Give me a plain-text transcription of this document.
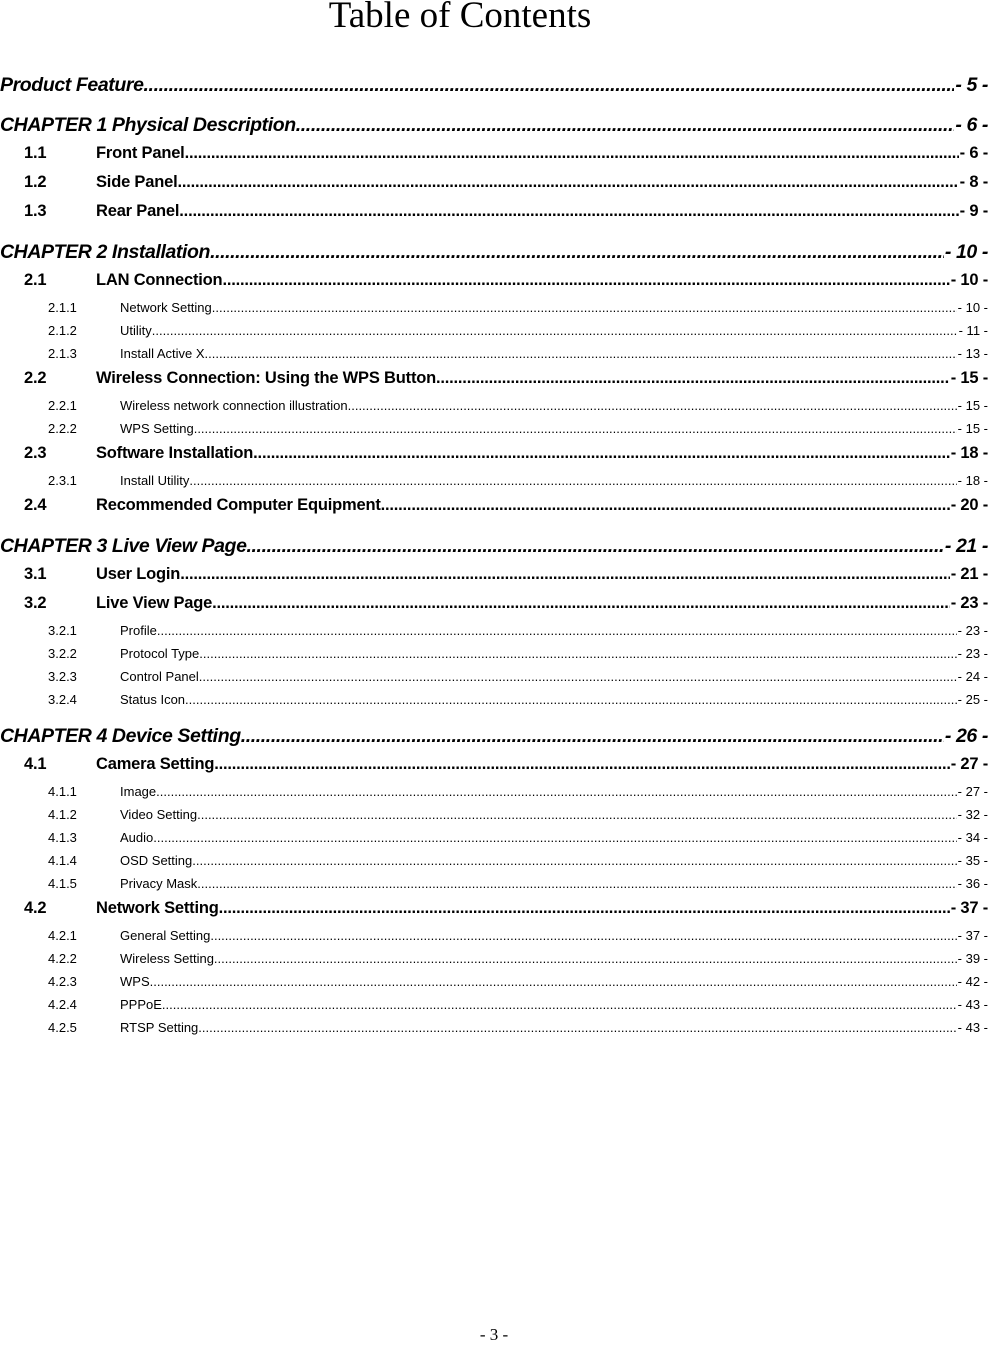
Table of Contents
Product Feature .....	- 5 -
CHAPTER 1 Physical Description .....	- 6 -
1.1	Front Panel .....	- 6 -
1.2	Side Panel .....	- 8 -
1.3	Rear Panel .....	- 9 -
CHAPTER 2 Installation .....	- 10 -
2.1	LAN Connection .....	- 10 -
2.1.1	Network Setting .....	- 10 -
2.1.2	Utility .....	- 11 -
2.1.3	Install Active X .....	- 13 -
2.2	Wireless Connection: Using the WPS Button .....	- 15 -
2.2.1	Wireless network connection illustration .....	- 15 -
2.2.2	WPS Setting .....	- 15 -
2.3	Software Installation .....	- 18 -
2.3.1	Install Utility .....	- 18 -
2.4	Recommended Computer Equipment .....	- 20 -
CHAPTER 3 Live View Page .....	- 21 -
3.1	User Login .....	- 21 -
3.2	Live View Page .....	- 23 -
3.2.1	Profile .....	- 23 -
3.2.2	Protocol Type .....	- 23 -
3.2.3	Control Panel .....	- 24 -
3.2.4	Status Icon .....	- 25 -
CHAPTER 4 Device Setting .....	- 26 -
4.1	Camera Setting .....	- 27 -
4.1.1	Image .....	- 27 -
4.1.2	Video Setting .....	- 32 -
4.1.3	Audio .....	- 34 -
4.1.4	OSD Setting .....	- 35 -
4.1.5	Privacy Mask .....	- 36 -
4.2	Network Setting .....	- 37 -
4.2.1	General Setting .....	- 37 -
4.2.2	Wireless Setting .....	- 39 -
4.2.3	WPS .....	- 42 -
4.2.4	PPPoE .....	- 43 -
4.2.5	RTSP Setting .....	- 43 -
- 3 -
